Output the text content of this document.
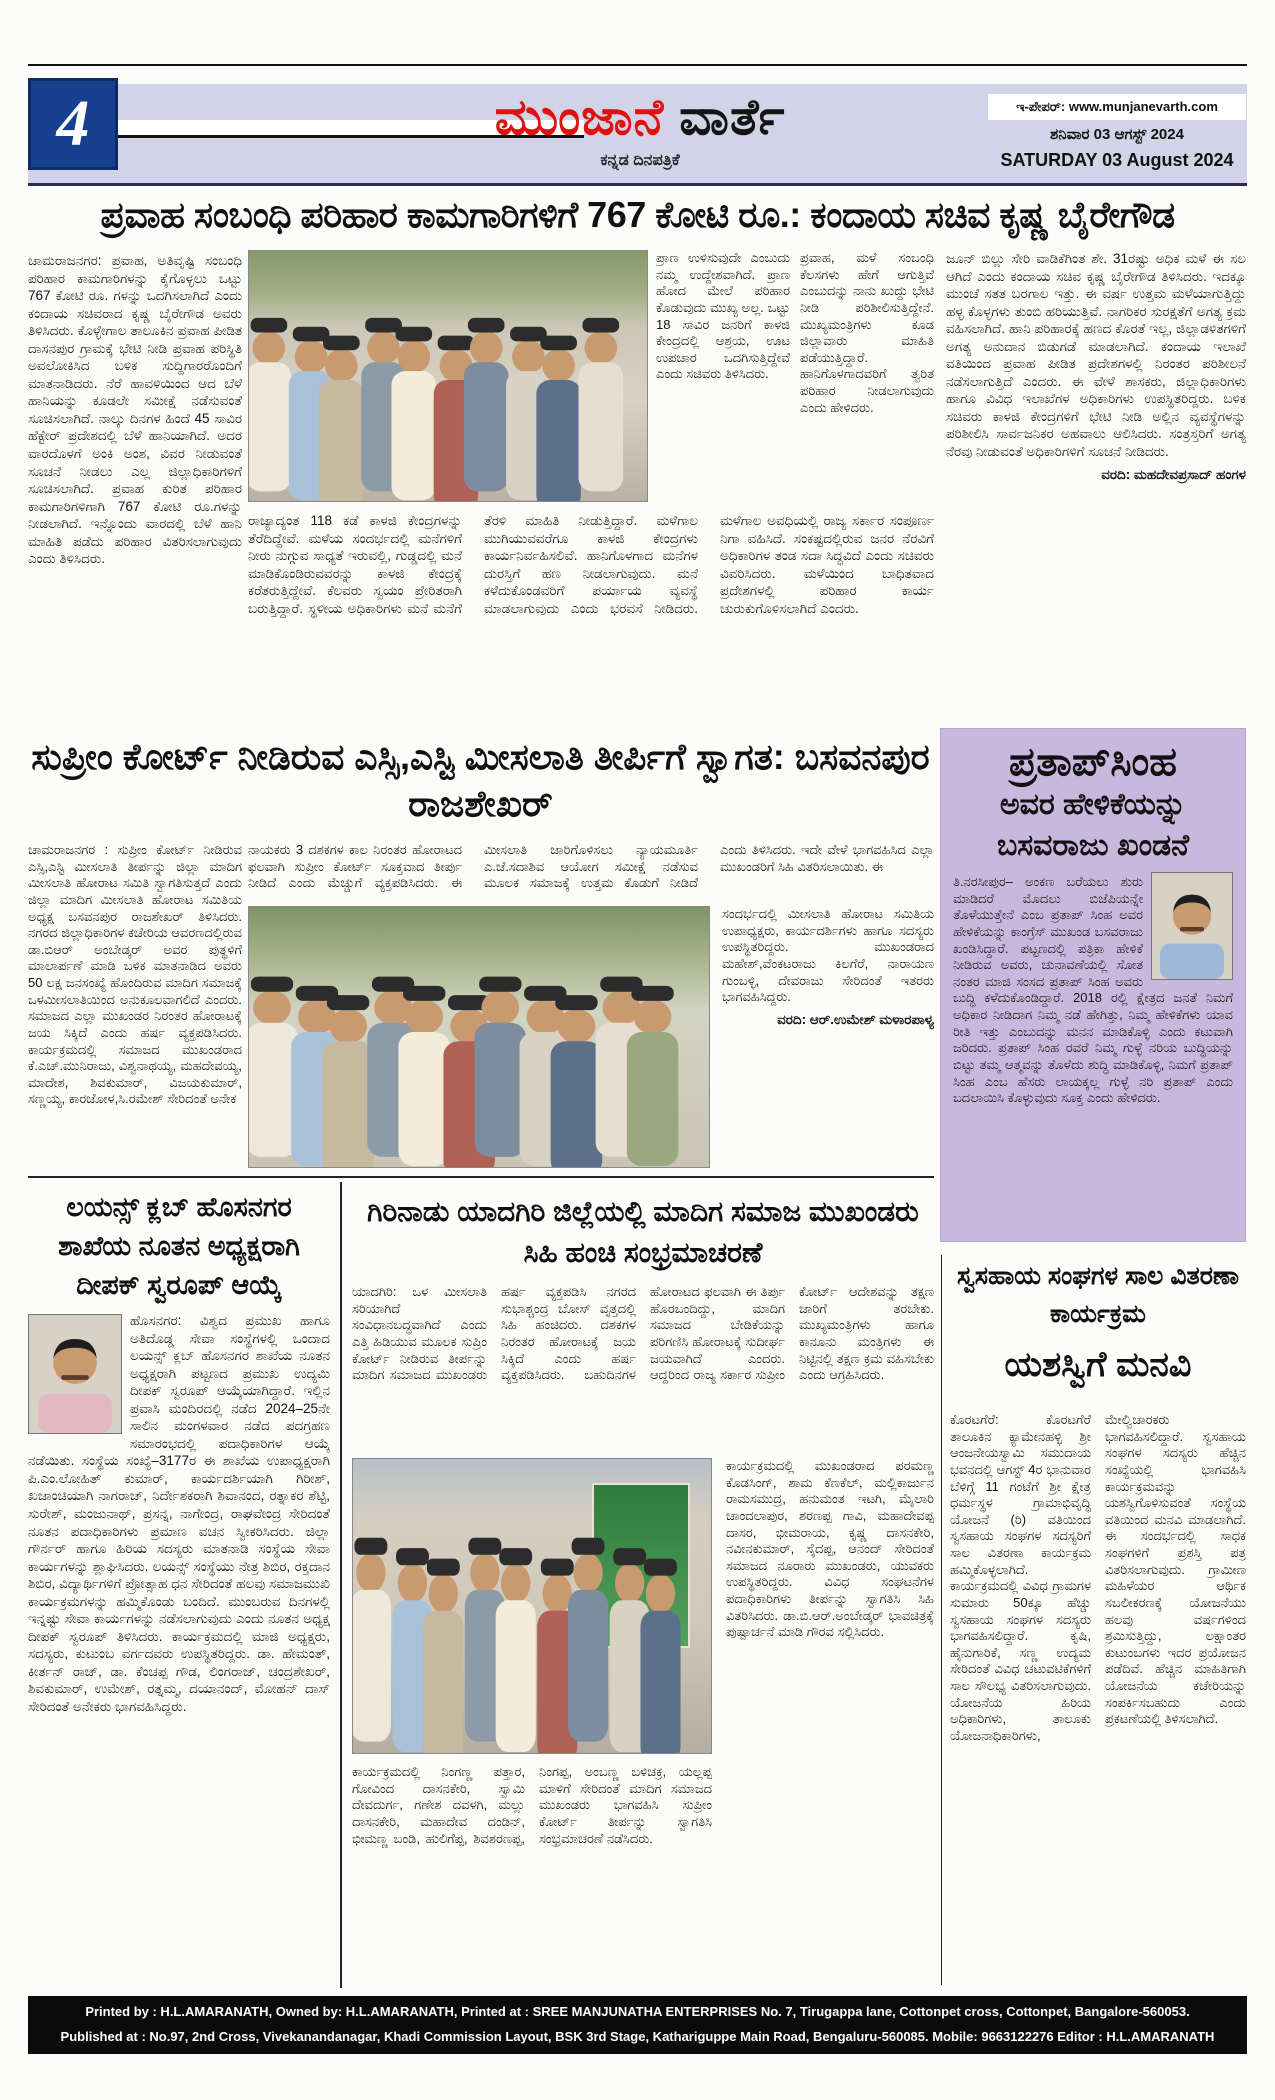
ಮುಂಜಾನೆ ವಾರ್ತೆ
ಕನ್ನಡ ದಿನಪತ್ರಿಕೆ
ಇ-ಪೇಪರ್: www.munjanevarth.com
ಶನಿವಾರ 03 ಆಗಸ್ಟ್ 2024
SATURDAY 03 August 2024
4
ಪ್ರವಾಹ ಸಂಬಂಧಿ ಪರಿಹಾರ ಕಾಮಗಾರಿಗಳಿಗೆ 767 ಕೋಟಿ ರೂ.: ಕಂದಾಯ ಸಚಿವ ಕೃಷ್ಣ ಬೈರೇಗೌಡ
ಚಾಮರಾಜನಗರ: ಪ್ರವಾಹ, ಅತಿವೃಷ್ಟಿ ಸಂಬಂಧಿ ಪರಿಹಾರ ಕಾಮಗಾರಿಗಳನ್ನು ಕೈಗೊಳ್ಳಲು ಒಟ್ಟು 767 ಕೋಟಿ ರೂ. ಗಳನ್ನು ಒದಗಿಸಲಾಗಿದೆ ಎಂದು ಕಂದಾಯ ಸಚಿವರಾದ ಕೃಷ್ಣ ಬೈರೇಗೌಡ ಅವರು ತಿಳಿಸಿದರು. ಕೊಳ್ಳೇಗಾಲ ತಾಲೂಕಿನ ಪ್ರವಾಹ ಪೀಡಿತ ದಾಸನಪುರ ಗ್ರಾಮಕ್ಕೆ ಭೇಟಿ ನೀಡಿ ಪ್ರವಾಹ ಪರಿಸ್ಥಿತಿ ಅವಲೋಕಿಸಿದ ಬಳಿಕ ಸುದ್ದಿಗಾರರೊಂದಿಗೆ ಮಾತನಾಡಿದರು. ನೆರೆ ಹಾವಳಿಯಿಂದ ಆದ ಬೆಳೆ ಹಾನಿಯನ್ನು ಕೂಡಲೇ ಸಮೀಕ್ಷೆ ನಡೆಸುವಂತೆ ಸೂಚಿಸಲಾಗಿದೆ. ನಾಲ್ಕು ದಿನಗಳ ಹಿಂದೆ 45 ಸಾವಿರ ಹೆಕ್ಟೇರ್ ಪ್ರದೇಶದಲ್ಲಿ ಬೆಳೆ ಹಾನಿಯಾಗಿದೆ. ಅದರ ವಾರದೊಳಗೆ ಅಂಕಿ ಅಂಶ, ವಿವರ ನೀಡುವಂತೆ ಸೂಚನೆ ನೀಡಲು ಎಲ್ಲ ಜಿಲ್ಲಾಧಿಕಾರಿಗಳಿಗೆ ಸೂಚಿಸಲಾಗಿದೆ. ಪ್ರವಾಹ ಕುರಿತ ಪರಿಹಾರ ಕಾಮಗಾರಿಗಳಿಗಾಗಿ 767 ಕೋಟಿ ರೂ.ಗಳನ್ನು ನೀಡಲಾಗಿದೆ. ಇನ್ನೊಂದು ವಾರದಲ್ಲಿ ಬೆಳೆ ಹಾನಿ ಮಾಹಿತಿ ಪಡೆದು ಪರಿಹಾರ ವಿತರಿಸಲಾಗುವುದು ಎಂದು ತಿಳಿಸಿದರು.
ಪ್ರಾಣ ಉಳಿಸುವುದೇ ಎಂಬುದು ನಮ್ಮ ಉದ್ದೇಶವಾಗಿದೆ. ಪ್ರಾಣ ಹೋದ ಮೇಲೆ ಪರಿಹಾರ ಕೊಡುವುದು ಮುಖ್ಯ ಅಲ್ಲ. ಒಟ್ಟು 18 ಸಾವಿರ ಜನರಿಗೆ ಕಾಳಜಿ ಕೇಂದ್ರದಲ್ಲಿ ಆಶ್ರಯ, ಊಟ ಉಪಚಾರ ಒದಗಿಸುತ್ತಿದ್ದೇವೆ ಎಂದು ಸಚಿವರು ತಿಳಿಸಿದರು.
ಪ್ರವಾಹ, ಮಳೆ ಸಂಬಂಧಿ ಕೆಲಸಗಳು ಹೇಗೆ ಆಗುತ್ತಿವೆ ಎಂಬುದನ್ನು ನಾನು ಖುದ್ದು ಭೇಟಿ ನೀಡಿ ಪರಿಶೀಲಿಸುತ್ತಿದ್ದೇನೆ. ಮುಖ್ಯಮಂತ್ರಿಗಳು ಕೂಡ ಜಿಲ್ಲಾವಾರು ಮಾಹಿತಿ ಪಡೆಯುತ್ತಿದ್ದಾರೆ. ಹಾನಿಗೊಳಗಾದವರಿಗೆ ತ್ವರಿತ ಪರಿಹಾರ ನೀಡಲಾಗುವುದು ಎಂದು ಹೇಳಿದರು.
ಜೂನ್ ಬಿಲ್ಲು ಸೇರಿ ವಾಡಿಕೆಗಿಂತ ಶೇ. 31ರಷ್ಟು ಅಧಿಕ ಮಳೆ ಈ ಸಲ ಆಗಿದೆ ಎಂದು ಕಂದಾಯ ಸಚಿವ ಕೃಷ್ಣ ಬೈರೇಗೌಡ ತಿಳಿಸಿದರು. ಇದಕ್ಕೂ ಮುಂಚೆ ಸತತ ಬರಗಾಲ ಇತ್ತು. ಈ ವರ್ಷ ಉತ್ತಮ ಮಳೆಯಾಗುತ್ತಿದ್ದು ಹಳ್ಳ ಕೊಳ್ಳಗಳು ತುಂಬಿ ಹರಿಯುತ್ತಿವೆ. ನಾಗರಿಕರ ಸುರಕ್ಷತೆಗೆ ಅಗತ್ಯ ಕ್ರಮ ವಹಿಸಲಾಗಿದೆ. ಹಾನಿ ಪರಿಹಾರಕ್ಕೆ ಹಣದ ಕೊರತೆ ಇಲ್ಲ, ಜಿಲ್ಲಾಡಳಿತಗಳಿಗೆ ಅಗತ್ಯ ಅನುದಾನ ಬಿಡುಗಡೆ ಮಾಡಲಾಗಿದೆ. ಕಂದಾಯ ಇಲಾಖೆ ವತಿಯಿಂದ ಪ್ರವಾಹ ಪೀಡಿತ ಪ್ರದೇಶಗಳಲ್ಲಿ ನಿರಂತರ ಪರಿಶೀಲನೆ ನಡೆಸಲಾಗುತ್ತಿದೆ ಎಂದರು. ಈ ವೇಳೆ ಶಾಸಕರು, ಜಿಲ್ಲಾಧಿಕಾರಿಗಳು ಹಾಗೂ ವಿವಿಧ ಇಲಾಖೆಗಳ ಅಧಿಕಾರಿಗಳು ಉಪಸ್ಥಿತರಿದ್ದರು. ಬಳಿಕ ಸಚಿವರು ಕಾಳಜಿ ಕೇಂದ್ರಗಳಿಗೆ ಭೇಟಿ ನೀಡಿ ಅಲ್ಲಿನ ವ್ಯವಸ್ಥೆಗಳನ್ನು ಪರಿಶೀಲಿಸಿ ಸಾರ್ವಜನಿಕರ ಅಹವಾಲು ಆಲಿಸಿದರು. ಸಂತ್ರಸ್ತರಿಗೆ ಅಗತ್ಯ ನೆರವು ನೀಡುವಂತೆ ಅಧಿಕಾರಿಗಳಿಗೆ ಸೂಚನೆ ನೀಡಿದರು.
ವರದಿ: ಮಹದೇವಪ್ರಸಾದ್ ಹಂಗಳ
ರಾಜ್ಯಾದ್ಯಂತ 118 ಕಡೆ ಕಾಳಜಿ ಕೇಂದ್ರಗಳನ್ನು ತೆರೆದಿದ್ದೇವೆ. ಮಳೆಯ ಸಂದರ್ಭದಲ್ಲಿ ಮನೆಗಳಿಗೆ ನೀರು ನುಗ್ಗುವ ಸಾಧ್ಯತೆ ಇರುವಲ್ಲಿ, ಗುಡ್ಡದಲ್ಲಿ ಮನೆ ಮಾಡಿಕೊಂಡಿರುವವರನ್ನು ಕಾಳಜಿ ಕೇಂದ್ರಕ್ಕೆ ಕರೆತರುತ್ತಿದ್ದೇವೆ. ಕೆಲವರು ಸ್ವಯಂ ಪ್ರೇರಿತರಾಗಿ ಬರುತ್ತಿದ್ದಾರೆ. ಸ್ಥಳೀಯ ಅಧಿಕಾರಿಗಳು ಮನೆ ಮನೆಗೆ ತೆರಳಿ ಮಾಹಿತಿ ನೀಡುತ್ತಿದ್ದಾರೆ. ಮಳೆಗಾಲ ಮುಗಿಯುವವರೆಗೂ ಕಾಳಜಿ ಕೇಂದ್ರಗಳು ಕಾರ್ಯನಿರ್ವಹಿಸಲಿವೆ. ಹಾನಿಗೊಳಗಾದ ಮನೆಗಳ ದುರಸ್ತಿಗೆ ಹಣ ನೀಡಲಾಗುವುದು. ಮನೆ ಕಳೆದುಕೊಂಡವರಿಗೆ ಪರ್ಯಾಯ ವ್ಯವಸ್ಥೆ ಮಾಡಲಾಗುವುದು ಎಂದು ಭರವಸೆ ನೀಡಿದರು. ಮಳೆಗಾಲ ಅವಧಿಯಲ್ಲಿ ರಾಜ್ಯ ಸರ್ಕಾರ ಸಂಪೂರ್ಣ ನಿಗಾ ವಹಿಸಿದೆ. ಸಂಕಷ್ಟದಲ್ಲಿರುವ ಜನರ ನೆರವಿಗೆ ಅಧಿಕಾರಿಗಳ ತಂಡ ಸದಾ ಸಿದ್ಧವಿದೆ ಎಂದು ಸಚಿವರು ವಿವರಿಸಿದರು. ಮಳೆಯಿಂದ ಬಾಧಿತವಾದ ಪ್ರದೇಶಗಳಲ್ಲಿ ಪರಿಹಾರ ಕಾರ್ಯ ಚುರುಕುಗೊಳಿಸಲಾಗಿದೆ ಎಂದರು.
ಸುಪ್ರೀಂ ಕೋರ್ಟ್ ನೀಡಿರುವ ಎಸ್ಸಿ,ಎಸ್ಟಿ ಮೀಸಲಾತಿ ತೀರ್ಪಿಗೆ ಸ್ವಾಗತ: ಬಸವನಪುರ ರಾಜಶೇಖರ್
ಚಾಮರಾಜನಗರ : ಸುಪ್ರೀಂ ಕೋರ್ಟ್ ನೀಡಿರುವ ಎಸ್ಸಿ,ಎಸ್ಟಿ ಮೀಸಲಾತಿ ತೀರ್ಪನ್ನು ಜಿಲ್ಲಾ ಮಾದಿಗ ಮೀಸಲಾತಿ ಹೋರಾಟ ಸಮಿತಿ ಸ್ವಾಗತಿಸುತ್ತದೆ ಎಂದು ಜಿಲ್ಲಾ ಮಾದಿಗ ಮೀಸಲಾತಿ ಹೋರಾಟ ಸಮಿತಿಯ ಅಧ್ಯಕ್ಷ ಬಸವನಪುರ ರಾಜಶೇಖರ್ ತಿಳಿಸಿದರು. ನಗರದ ಜಿಲ್ಲಾಧಿಕಾರಿಗಳ ಕಚೇರಿಯ ಆವರಣದಲ್ಲಿರುವ ಡಾ.ಬಿಆರ್ ಅಂಬೇಡ್ಕರ್ ಅವರ ಪುತ್ಥಳಿಗೆ ಮಾಲಾರ್ಪಣೆ ಮಾಡಿ ಬಳಿಕ ಮಾತನಾಡಿದ ಅವರು 50 ಲಕ್ಷ ಜನಸಂಖ್ಯೆ ಹೊಂದಿರುವ ಮಾದಿಗ ಸಮಾಜಕ್ಕೆ ಒಳಮೀಸಲಾತಿಯಿಂದ ಅನುಕೂಲವಾಗಲಿದೆ ಎಂದರು. ಸಮಾಜದ ಎಲ್ಲಾ ಮುಖಂಡರ ನಿರಂತರ ಹೋರಾಟಕ್ಕೆ ಜಯ ಸಿಕ್ಕಿದೆ ಎಂದು ಹರ್ಷ ವ್ಯಕ್ತಪಡಿಸಿದರು. ಕಾರ್ಯಕ್ರಮದಲ್ಲಿ ಸಮಾಜದ ಮುಖಂಡರಾದ ಕೆ.ಎಚ್.ಮುನಿರಾಜು, ವಿಶ್ವನಾಥಯ್ಯ, ಮಹದೇವಯ್ಯ, ಮಾದೇಶ, ಶಿವಕುಮಾರ್, ವಿಜಯಕುಮಾರ್, ಸಣ್ಣಯ್ಯ, ಕಾರಜೋಳ,ಸಿ.ರಮೇಶ್ ಸೇರಿದಂತೆ ಅನೇಕ
ನಾಯಕರು 3 ದಶಕಗಳ ಕಾಲ ನಿರಂತರ ಹೋರಾಟದ ಫಲವಾಗಿ ಸುಪ್ರೀಂ ಕೋರ್ಟ್ ಸೂಕ್ತವಾದ ತೀರ್ಪು ನೀಡಿದೆ ಎಂದು ಮೆಚ್ಚುಗೆ ವ್ಯಕ್ತಪಡಿಸಿದರು. ಈ ಮೀಸಲಾತಿ ಜಾರಿಗೊಳಿಸಲು ನ್ಯಾಯಮೂರ್ತಿ ಎ.ಜೆ.ಸದಾಶಿವ ಆಯೋಗ ಸಮೀಕ್ಷೆ ನಡೆಸುವ ಮೂಲಕ ಸಮಾಜಕ್ಕೆ ಉತ್ತಮ ಕೊಡುಗೆ ನೀಡಿದೆ ಎಂದು ತಿಳಿಸಿದರು. ಇದೇ ವೇಳೆ ಭಾಗವಹಿಸಿದ ಎಲ್ಲಾ ಮುಖಂಡರಿಗೆ ಸಿಹಿ ವಿತರಿಸಲಾಯಿತು. ಈ
ಸಂದರ್ಭದಲ್ಲಿ ಮೀಸಲಾತಿ ಹೋರಾಟ ಸಮಿತಿಯ ಉಪಾಧ್ಯಕ್ಷರು, ಕಾರ್ಯದರ್ಶಿಗಳು ಹಾಗೂ ಸದಸ್ಯರು ಉಪಸ್ಥಿತರಿದ್ದರು. ಮುಖಂಡರಾದ ಮಹೇಶ್,ವೆಂಕಟರಾಜು ಕಿಲಗೆರೆ, ನಾರಾಯಣ ಗುಂಬಳ್ಳಿ, ದೇವರಾಜು ಸೇರಿದಂತೆ ಇತರರು ಭಾಗವಹಿಸಿದ್ದರು.
ವರದಿ: ಆರ್.ಉಮೇಶ್ ಮಳಾರಪಾಳ್ಯ
ಪ್ರತಾಪ್‌ಸಿಂಹ
ಅವರ ಹೇಳಿಕೆಯನ್ನು
ಬಸವರಾಜು ಖಂಡನೆ
ತಿ.ನರಸೀಪುರ– ಅಂಕಣ ಬರೆಯಲು ಶುರು ಮಾಡಿದರೆ ಮೊದಲು ಬಿಜೆಪಿಯನ್ನೇ ತೊಳೆಯುತ್ತೇನೆ ಎಂಬ ಪ್ರತಾಪ್ ಸಿಂಹ ಅವರ ಹೇಳಿಕೆಯನ್ನು ಕಾಂಗ್ರೆಸ್ ಮುಖಂಡ ಬಸವರಾಜು ಖಂಡಿಸಿದ್ದಾರೆ. ಪಟ್ಟಣದಲ್ಲಿ ಪತ್ರಿಕಾ ಹೇಳಿಕೆ ನೀಡಿರುವ ಅವರು, ಚುನಾವಣೆಯಲ್ಲಿ ಸೋತ ನಂತರ ಮಾಜಿ ಸಂಸದ ಪ್ರತಾಪ್ ಸಿಂಹ ಅವರು ಬುದ್ಧಿ ಕಳೆದುಕೊಂಡಿದ್ದಾರೆ. 2018 ರಲ್ಲಿ ಕ್ಷೇತ್ರದ ಜನತೆ ನಿಮಗೆ ಅಧಿಕಾರ ನೀಡಿದಾಗ ನಿಮ್ಮ ನಡೆ ಹೇಗಿತ್ತು, ನಿಮ್ಮ ಹೇಳಿಕೆಗಳು ಯಾವ ರೀತಿ ಇತ್ತು ಎಂಬುದನ್ನು ಮನನ ಮಾಡಿಕೊಳ್ಳಿ ಎಂದು ಕಟುವಾಗಿ ಜರಿದರು. ಪ್ರತಾಪ್ ಸಿಂಹ ರವರೆ ನಿಮ್ಮ ಗುಳ್ಳೆ ನರಿಯ ಬುದ್ಧಿಯನ್ನು ಬಿಟ್ಟು ತಮ್ಮ ಆತ್ಮವನ್ನು ತೊಳೆದು ಶುದ್ಧಿ ಮಾಡಿಕೊಳ್ಳಿ, ನಿಮಗೆ ಪ್ರತಾಪ್ ಸಿಂಹ ಎಂಬ ಹೆಸರು ಲಾಯಕ್ಕಲ್ಲ ಗುಳ್ಳೆ ನರಿ ಪ್ರತಾಪ್ ಎಂದು ಬದಲಾಯಿಸಿ ಕೊಳ್ಳುವುದು ಸೂಕ್ತ ಎಂದು ಹೇಳಿದರು.
ಲಯನ್ಸ್ ಕ್ಲಬ್ ಹೊಸನಗರ ಶಾಖೆಯ ನೂತನ ಅಧ್ಯಕ್ಷರಾಗಿ ದೀಪಕ್ ಸ್ವರೂಪ್ ಆಯ್ಕೆ
ಹೊಸನಗರ: ವಿಶ್ವದ ಪ್ರಮುಖ ಹಾಗೂ ಅತಿದೊಡ್ಡ ಸೇವಾ ಸಂಸ್ಥೆಗಳಲ್ಲಿ ಒಂದಾದ ಲಯನ್ಸ್ ಕ್ಲಬ್ ಹೊಸನಗರ ಶಾಖೆಯ ನೂತನ ಅಧ್ಯಕ್ಷರಾಗಿ ಪಟ್ಟಣದ ಪ್ರಮುಖ ಉದ್ಯಮಿ ದೀಪಕ್ ಸ್ವರೂಪ್ ಆಯ್ಕೆಯಾಗಿದ್ದಾರೆ. ಇಲ್ಲಿನ ಪ್ರವಾಸಿ ಮಂದಿರದಲ್ಲಿ ನಡೆದ 2024–25ನೇ ಸಾಲಿನ ಮಂಗಳವಾರ ನಡೆದ ಪದಗ್ರಹಣ ಸಮಾರಂಭದಲ್ಲಿ ಪದಾಧಿಕಾರಿಗಳ ಆಯ್ಕೆ ನಡೆಯಿತು. ಸಂಸ್ಥೆಯ ಸಂಖ್ಯೆ–3177ರ ಈ ಶಾಖೆಯ ಉಪಾಧ್ಯಕ್ಷರಾಗಿ ಪಿ.ಎಂ.ಲೋಹಿತ್ ಕುಮಾರ್, ಕಾರ್ಯದರ್ಶಿಯಾಗಿ ಗಿರೀಶ್, ಖಜಾಂಚಿಯಾಗಿ ನಾಗರಾಜ್, ನಿರ್ದೇಶಕರಾಗಿ ಶಿವಾನಂದ, ರತ್ನಾಕರ ಶೆಟ್ಟಿ, ಸುರೇಶ್, ಮಂಜುನಾಥ್, ಪ್ರಸನ್ನ, ನಾಗೇಂದ್ರ, ರಾಘವೇಂದ್ರ ಸೇರಿದಂತೆ ನೂತನ ಪದಾಧಿಕಾರಿಗಳು ಪ್ರಮಾಣ ವಚನ ಸ್ವೀಕರಿಸಿದರು. ಜಿಲ್ಲಾ ಗೌರ್ನರ್ ಹಾಗೂ ಹಿರಿಯ ಸದಸ್ಯರು ಮಾತನಾಡಿ ಸಂಸ್ಥೆಯ ಸೇವಾ ಕಾರ್ಯಗಳನ್ನು ಶ್ಲಾಘಿಸಿದರು. ಲಯನ್ಸ್ ಸಂಸ್ಥೆಯು ನೇತ್ರ ಶಿಬಿರ, ರಕ್ತದಾನ ಶಿಬಿರ, ವಿದ್ಯಾರ್ಥಿಗಳಿಗೆ ಪ್ರೋತ್ಸಾಹ ಧನ ಸೇರಿದಂತೆ ಹಲವು ಸಮಾಜಮುಖಿ ಕಾರ್ಯಕ್ರಮಗಳನ್ನು ಹಮ್ಮಿಕೊಂಡು ಬಂದಿದೆ. ಮುಂಬರುವ ದಿನಗಳಲ್ಲಿ ಇನ್ನಷ್ಟು ಸೇವಾ ಕಾರ್ಯಗಳನ್ನು ನಡೆಸಲಾಗುವುದು ಎಂದು ನೂತನ ಅಧ್ಯಕ್ಷ ದೀಪಕ್ ಸ್ವರೂಪ್ ತಿಳಿಸಿದರು. ಕಾರ್ಯಕ್ರಮದಲ್ಲಿ ಮಾಜಿ ಅಧ್ಯಕ್ಷರು, ಸದಸ್ಯರು, ಕುಟುಂಬ ವರ್ಗದವರು ಉಪಸ್ಥಿತರಿದ್ದರು. ಡಾ. ಹೇಮಂತ್, ಕೀರ್ತನ್ ರಾಜ್, ಡಾ. ಕೆಂಚಪ್ಪ ಗೌಡ, ಲಿಂಗರಾಜ್, ಚಂದ್ರಶೇಖರ್, ಶಿವಕುಮಾರ್, ಉಮೇಶ್, ರತ್ನಮ್ಮ, ದಯಾನಂದ್, ಮೋಹನ್ ದಾಸ್ ಸೇರಿದಂತೆ ಅನೇಕರು ಭಾಗವಹಿಸಿದ್ದರು.
ಗಿರಿನಾಡು ಯಾದಗಿರಿ ಜಿಲ್ಲೆಯಲ್ಲಿ ಮಾದಿಗ ಸಮಾಜ ಮುಖಂಡರು ಸಿಹಿ ಹಂಚಿ ಸಂಭ್ರಮಾಚರಣೆ
ಯಾದಗಿರಿ: ಒಳ ಮೀಸಲಾತಿ ಸರಿಯಾಗಿದೆ ಸಂವಿಧಾನಬದ್ಧವಾಗಿದೆ ಎಂದು ಎತ್ತಿ ಹಿಡಿಯುವ ಮೂಲಕ ಸುಪ್ರಿಂ ಕೋರ್ಟ್ ನೀಡಿರುವ ತೀರ್ಪನ್ನು ಮಾದಿಗ ಸಮಾಜದ ಮುಖಂಡರು ಹರ್ಷ ವ್ಯಕ್ತಪಡಿಸಿ ನಗರದ ಸುಭಾಶ್ಚಂದ್ರ ಬೋಸ್ ವೃತ್ತದಲ್ಲಿ ಸಿಹಿ ಹಂಚಿದರು. ದಶಕಗಳ ನಿರಂತರ ಹೋರಾಟಕ್ಕೆ ಜಯ ಸಿಕ್ಕಿದೆ ಎಂದು ಹರ್ಷ ವ್ಯಕ್ತಪಡಿಸಿದರು. ಬಹುದಿನಗಳ ಹೋರಾಟದ ಫಲವಾಗಿ ಈ ತಿರ್ಪು ಹೊರಬಂದಿದ್ದು, ಮಾದಿಗ ಸಮಾಜದ ಬೇಡಿಕೆಯನ್ನು ಪರಿಗಣಿಸಿ ಹೋರಾಟಕ್ಕೆ ಸುದೀರ್ಘ ಜಯವಾಗಿದೆ ಎಂದರು. ಆದ್ದರಿಂದ ರಾಜ್ಯ ಸರ್ಕಾರ ಸುಪ್ರೀಂ ಕೋರ್ಟ್ ಆದೇಶವನ್ನು ತಕ್ಷಣ ಜಾರಿಗೆ ತರಬೇಕು. ಮುಖ್ಯಮಂತ್ರಿಗಳು ಹಾಗೂ ಕಾನೂನು ಮಂತ್ರಿಗಳು ಈ ನಿಟ್ಟಿನಲ್ಲಿ ತಕ್ಷಣ ಕ್ರಮ ವಹಿಸಬೇಕು ಎಂದು ಆಗ್ರಹಿಸಿದರು.
ಕಾರ್ಯಕ್ರಮದಲ್ಲಿ ಮುಖಂಡರಾದ ಪರಮಣ್ಣ ಕೊಡಸಿಂಗ್, ಶಾಮ ಕೆಣಕೆಲ್, ಮಲ್ಲಿಕಾರ್ಜುನ ರಾಮಸಮುದ್ರ, ಹನುಮಂತ ಇಟಗಿ, ಮೈಲಾರಿ ಚಾಂದಲಾಪುರ, ಶರಣಪ್ಪ ಗಾವಿ, ಮಹಾದೇವಪ್ಪ ದಾಸರ, ಭೀಮರಾಯ, ಕೃಷ್ಣ ದಾಸನಕೇರಿ, ನವೀನಕುಮಾರ್, ಸೈದಪ್ಪ, ಆನಂದ್ ಸೇರಿದಂತೆ ಸಮಾಜದ ನೂರಾರು ಮುಖಂಡರು, ಯುವಕರು ಉಪಸ್ಥಿತರಿದ್ದರು. ವಿವಿಧ ಸಂಘಟನೆಗಳ ಪದಾಧಿಕಾರಿಗಳು ತೀರ್ಪನ್ನು ಸ್ವಾಗತಿಸಿ ಸಿಹಿ ವಿತರಿಸಿದರು. ಡಾ.ಬಿ.ಆರ್.ಅಂಬೇಡ್ಕರ್ ಭಾವಚಿತ್ರಕ್ಕೆ ಪುಷ್ಪಾರ್ಚನೆ ಮಾಡಿ ಗೌರವ ಸಲ್ಲಿಸಿದರು.
ಕಾರ್ಯಕ್ರಮದಲ್ಲಿ ನಿಂಗಣ್ಣ ಪತ್ತಾರ, ಗೋವಿಂದ ದಾಸನಕೇರಿ, ಸ್ವಾಮಿ ದೇವದುರ್ಗ, ಗಣೇಶ ದವಳಗಿ, ಮಲ್ಲು ದಾಸನಕೇರಿ, ಮಹಾದೇವ ದಂಡಿನ್, ಭೀಮಣ್ಣ ಬಂಡಿ, ಹುಲಿಗೆಪ್ಪ, ಶಿವಶರಣಪ್ಪ, ನಿಂಗಪ್ಪ, ಅಂಬಣ್ಣ ಬಳಿಚಕ್ರ, ಯಲ್ಲಪ್ಪ ಮಾಳಿಗೆ ಸೇರಿದಂತೆ ಮಾದಿಗ ಸಮಾಜದ ಮುಖಂಡರು ಭಾಗವಹಿಸಿ ಸುಪ್ರೀಂ ಕೋರ್ಟ್ ತೀರ್ಪನ್ನು ಸ್ವಾಗತಿಸಿ ಸಂಭ್ರಮಾಚರಣೆ ನಡೆಸಿದರು.
ಸ್ವಸಹಾಯ ಸಂಘಗಳ ಸಾಲ ವಿತರಣಾ ಕಾರ್ಯಕ್ರಮ
ಯಶಸ್ವಿಗೆ ಮನವಿ
ಕೊರಟಗೆರೆ: ಕೊರಟಗೆರೆ ತಾಲೂಕಿನ ಕ್ಯಾಮೇನಹಳ್ಳಿ ಶ್ರೀ ಆಂಜನೇಯಸ್ವಾಮಿ ಸಮುದಾಯ ಭವನದಲ್ಲಿ ಆಗಸ್ಟ್ 4ರ ಭಾನುವಾರ ಬೆಳಿಗ್ಗೆ 11 ಗಂಟೆಗೆ ಶ್ರೀ ಕ್ಷೇತ್ರ ಧರ್ಮಸ್ಥಳ ಗ್ರಾಮಾಭಿವೃದ್ಧಿ ಯೋಜನೆ (ರಿ) ವತಿಯಿಂದ ಸ್ವಸಹಾಯ ಸಂಘಗಳ ಸದಸ್ಯರಿಗೆ ಸಾಲ ವಿತರಣಾ ಕಾರ್ಯಕ್ರಮ ಹಮ್ಮಿಕೊಳ್ಳಲಾಗಿದೆ. ಕಾರ್ಯಕ್ರಮದಲ್ಲಿ ವಿವಿಧ ಗ್ರಾಮಗಳ ಸುಮಾರು 50ಕ್ಕೂ ಹೆಚ್ಚು ಸ್ವಸಹಾಯ ಸಂಘಗಳ ಸದಸ್ಯರು ಭಾಗವಹಿಸಲಿದ್ದಾರೆ. ಕೃಷಿ, ಹೈನುಗಾರಿಕೆ, ಸಣ್ಣ ಉದ್ಯಮ ಸೇರಿದಂತೆ ವಿವಿಧ ಚಟುವಟಿಕೆಗಳಿಗೆ ಸಾಲ ಸೌಲಭ್ಯ ವಿತರಿಸಲಾಗುವುದು. ಯೋಜನೆಯ ಹಿರಿಯ ಅಧಿಕಾರಿಗಳು, ತಾಲೂಕು ಯೋಜನಾಧಿಕಾರಿಗಳು, ಮೇಲ್ವಿಚಾರಕರು ಭಾಗವಹಿಸಲಿದ್ದಾರೆ. ಸ್ವಸಹಾಯ ಸಂಘಗಳ ಸದಸ್ಯರು ಹೆಚ್ಚಿನ ಸಂಖ್ಯೆಯಲ್ಲಿ ಭಾಗವಹಿಸಿ ಕಾರ್ಯಕ್ರಮವನ್ನು ಯಶಸ್ವಿಗೊಳಿಸುವಂತೆ ಸಂಸ್ಥೆಯ ವತಿಯಿಂದ ಮನವಿ ಮಾಡಲಾಗಿದೆ. ಈ ಸಂದರ್ಭದಲ್ಲಿ ಸಾಧಕ ಸಂಘಗಳಿಗೆ ಪ್ರಶಸ್ತಿ ಪತ್ರ ವಿತರಿಸಲಾಗುವುದು. ಗ್ರಾಮೀಣ ಮಹಿಳೆಯರ ಆರ್ಥಿಕ ಸಬಲೀಕರಣಕ್ಕೆ ಯೋಜನೆಯು ಹಲವು ವರ್ಷಗಳಿಂದ ಶ್ರಮಿಸುತ್ತಿದ್ದು, ಲಕ್ಷಾಂತರ ಕುಟುಂಬಗಳು ಇದರ ಪ್ರಯೋಜನ ಪಡೆದಿವೆ. ಹೆಚ್ಚಿನ ಮಾಹಿತಿಗಾಗಿ ಯೋಜನೆಯ ಕಚೇರಿಯನ್ನು ಸಂಪರ್ಕಿಸಬಹುದು ಎಂದು ಪ್ರಕಟಣೆಯಲ್ಲಿ ತಿಳಿಸಲಾಗಿದೆ.
Printed by : H.L.AMARANATH, Owned by: H.L.AMARANATH, Printed at : SREE MANJUNATHA ENTERPRISES No. 7, Tirugappa lane, Cottonpet cross, Cottonpet, Bangalore-560053.
Published at : No.97, 2nd Cross, Vivekanandanagar, Khadi Commission Layout, BSK 3rd Stage, Kathariguppe Main Road, Bengaluru-560085. Mobile: 9663122276 Editor : H.L.AMARANATH
